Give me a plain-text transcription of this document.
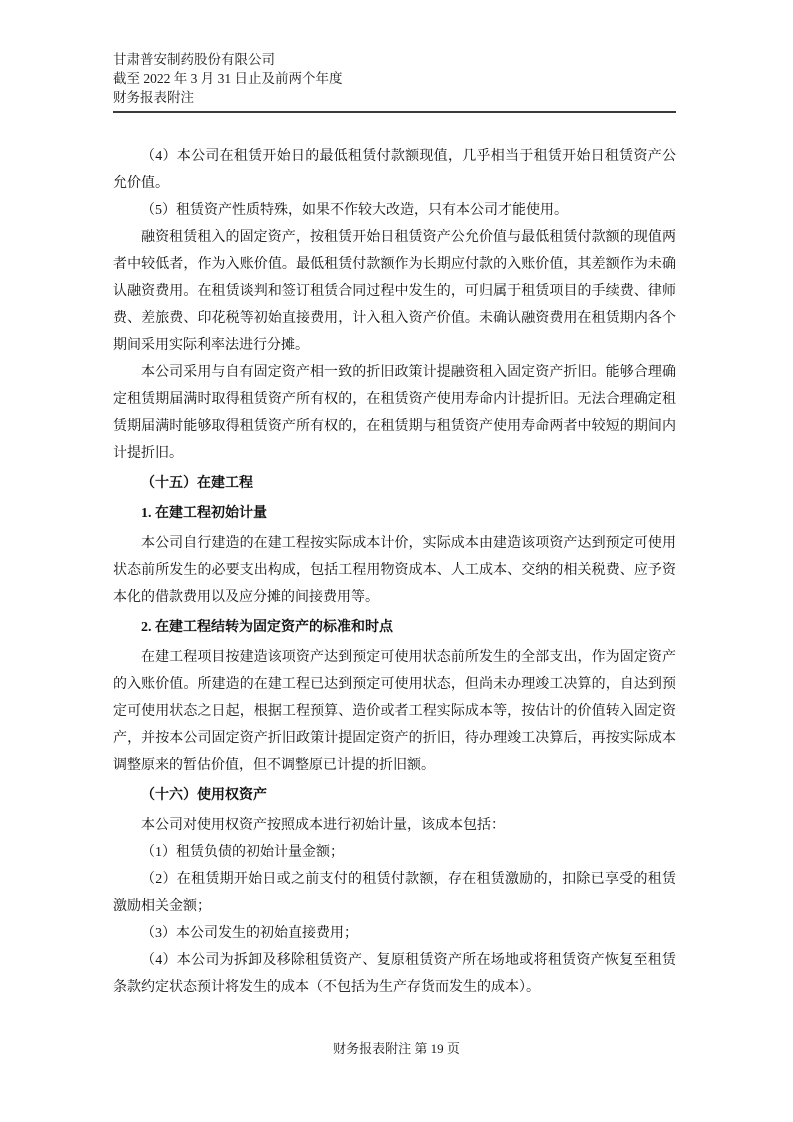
甘肃普安制药股份有限公司
截至 2022 年 3 月 31 日止及前两个年度
财务报表附注

（4）本公司在租赁开始日的最低租赁付款额现值，几乎相当于租赁开始日租赁资产公允价值。

（5）租赁资产性质特殊，如果不作较大改造，只有本公司才能使用。

融资租赁租入的固定资产，按租赁开始日租赁资产公允价值与最低租赁付款额的现值两者中较低者，作为入账价值。最低租赁付款额作为长期应付款的入账价值，其差额作为未确认融资费用。在租赁谈判和签订租赁合同过程中发生的，可归属于租赁项目的手续费、律师费、差旅费、印花税等初始直接费用，计入租入资产价值。未确认融资费用在租赁期内各个期间采用实际利率法进行分摊。

本公司采用与自有固定资产相一致的折旧政策计提融资租入固定资产折旧。能够合理确定租赁期届满时取得租赁资产所有权的，在租赁资产使用寿命内计提折旧。无法合理确定租赁期届满时能够取得租赁资产所有权的，在租赁期与租赁资产使用寿命两者中较短的期间内计提折旧。

（十五）在建工程
1. 在建工程初始计量

本公司自行建造的在建工程按实际成本计价，实际成本由建造该项资产达到预定可使用状态前所发生的必要支出构成，包括工程用物资成本、人工成本、交纳的相关税费、应予资本化的借款费用以及应分摊的间接费用等。

2. 在建工程结转为固定资产的标准和时点

在建工程项目按建造该项资产达到预定可使用状态前所发生的全部支出，作为固定资产的入账价值。所建造的在建工程已达到预定可使用状态，但尚未办理竣工决算的，自达到预定可使用状态之日起，根据工程预算、造价或者工程实际成本等，按估计的价值转入固定资产，并按本公司固定资产折旧政策计提固定资产的折旧，待办理竣工决算后，再按实际成本调整原来的暂估价值，但不调整原已计提的折旧额。

（十六）使用权资产

本公司对使用权资产按照成本进行初始计量，该成本包括：

（1）租赁负债的初始计量金额；

（2）在租赁期开始日或之前支付的租赁付款额，存在租赁激励的，扣除已享受的租赁激励相关金额；

（3）本公司发生的初始直接费用；

（4）本公司为拆卸及移除租赁资产、复原租赁资产所在场地或将租赁资产恢复至租赁条款约定状态预计将发生的成本（不包括为生产存货而发生的成本）。

财务报表附注 第 19 页
